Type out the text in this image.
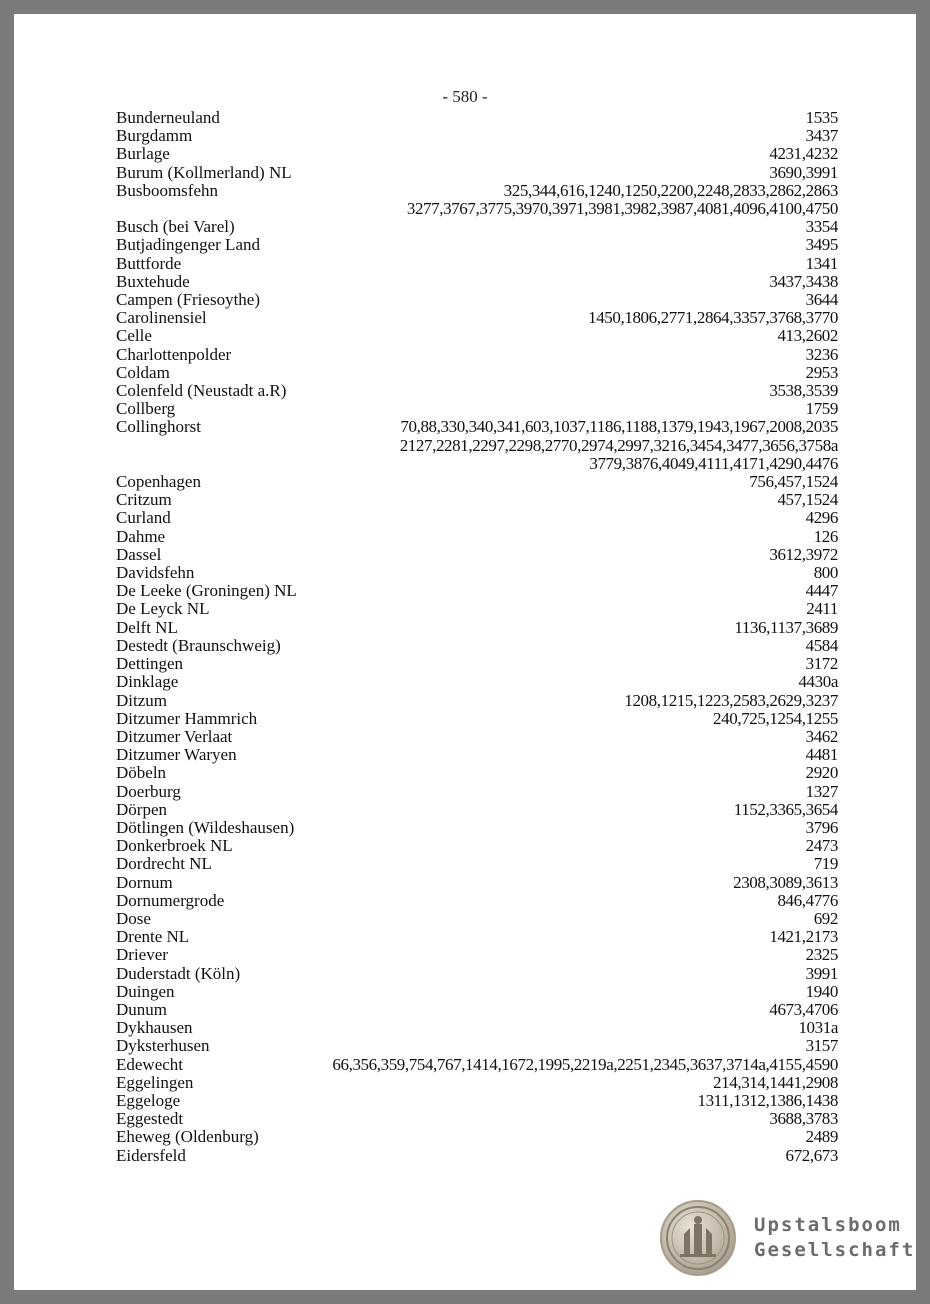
- 580 -
Bunderneuland	1535
Burgdamm	3437
Burlage	4231,4232
Burum (Kollmerland) NL	3690,3991
Busboomsfehn	325,344,616,1240,1250,2200,2248,2833,2862,2863
3277,3767,3775,3970,3971,3981,3982,3987,4081,4096,4100,4750
Busch (bei Varel)	3354
Butjadingenger Land	3495
Buttforde	1341
Buxtehude	3437,3438
Campen (Friesoythe)	3644
Carolinensiel	1450,1806,2771,2864,3357,3768,3770
Celle	413,2602
Charlottenpolder	3236
Coldam	2953
Colenfeld (Neustadt a.R)	3538,3539
Collberg	1759
Collinghorst	70,88,330,340,341,603,1037,1186,1188,1379,1943,1967,2008,2035
2127,2281,2297,2298,2770,2974,2997,3216,3454,3477,3656,3758a
3779,3876,4049,4111,4171,4290,4476
Copenhagen	756,457,1524
Critzum	457,1524
Curland	4296
Dahme	126
Dassel	3612,3972
Davidsfehn	800
De Leeke (Groningen) NL	4447
De Leyck NL	2411
Delft NL	1136,1137,3689
Destedt (Braunschweig)	4584
Dettingen	3172
Dinklage	4430a
Ditzum	1208,1215,1223,2583,2629,3237
Ditzumer Hammrich	240,725,1254,1255
Ditzumer Verlaat	3462
Ditzumer Waryen	4481
Döbeln	2920
Doerburg	1327
Dörpen	1152,3365,3654
Dötlingen (Wildeshausen)	3796
Donkerbroek NL	2473
Dordrecht NL	719
Dornum	2308,3089,3613
Dornumergrode	846,4776
Dose	692
Drente NL	1421,2173
Driever	2325
Duderstadt (Köln)	3991
Duingen	1940
Dunum	4673,4706
Dykhausen	1031a
Dyksterhusen	3157
Edewecht	66,356,359,754,767,1414,1672,1995,2219a,2251,2345,3637,3714a,4155,4590
Eggelingen	214,314,1441,2908
Eggeloge	1311,1312,1386,1438
Eggestedt	3688,3783
Eheweg (Oldenburg)	2489
Eidersfeld	672,673
Upstalsboom
Gesellschaft
